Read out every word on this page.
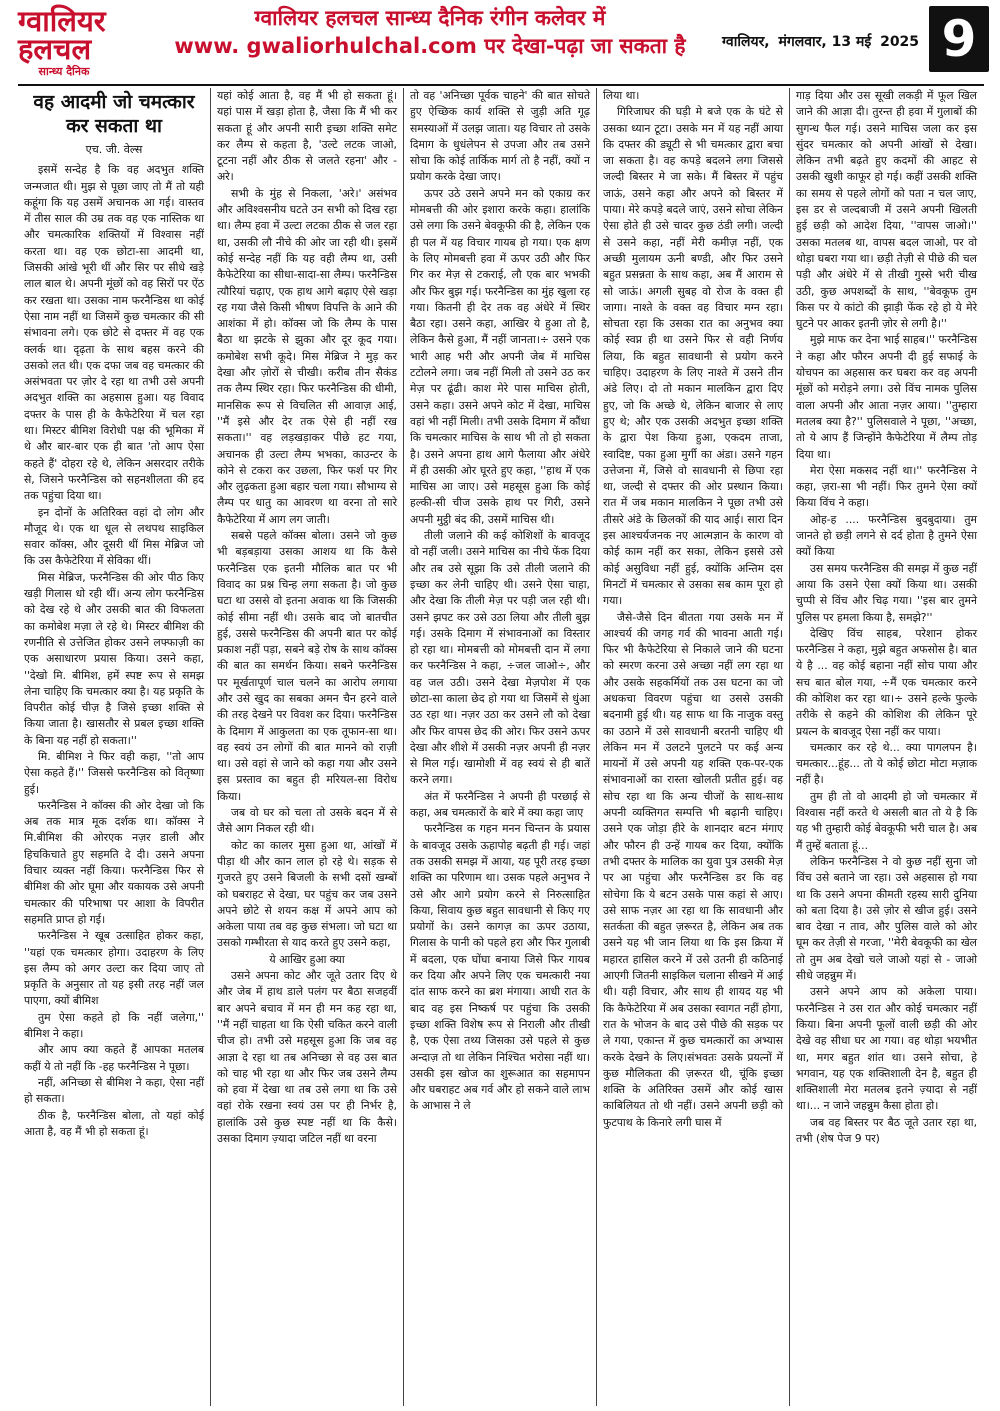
ग्वालियर
हलचल
सान्ध्य दैनिक
ग्वालियर हलचल सान्ध्य दैनिक रंगीन कलेवर में
www. gwaliorhulchal.com पर देखा-पढ़ा जा सकता है	ग्वालियर, मंगलवार, 13 मई 2025 9
वह आदमी जो चमत्कार कर सकता था
एच. जी. वेल्स

इसमें सन्देह है कि वह अदभुत शक्ति जन्मजात थी। मुझ से पूछा जाए तो मैं तो यही कहूंगा कि यह उसमें अचानक आ गई। वास्तव में तीस साल की उम्र तक वह एक नास्तिक था और चमत्कारिक शक्तियों में विश्वास नहीं करता था। वह एक छोटा-सा आदमी था, जिसकी आंखे भूरी थीं और सिर पर सीधे खड़े लाल बाल थे। अपनी मूंछों को वह सिरों पर ऐंठ कर रखता था। उसका नाम फरनैन्डिस था कोई ऐसा नाम नहीं था जिसमें कुछ चमत्कार की सी संभावना लगे। एक छोटे से दफ्तर में वह एक क्लर्क था। दृढ़ता के साथ बहस करने की उसको लत थी। एक दफा जब वह चमत्कार की असंभवता पर ज़ोर दे रहा था तभी उसे अपनी अदभुत शक्ति का अहसास हुआ। यह विवाद दफ्तर के पास ही के कैफेटेरिया में चल रहा था। मिस्टर बीमिश विरोधी पक्ष की भूमिका में थे और बार-बार एक ही बात 'तो आप ऐसा कहते हैं' दोहरा रहे थे, लेकिन असरदार तरीके से, जिसने फरनैन्डिस को सहनशीलता की हद तक पहुंचा दिया था।

इन दोनों के अतिरिक्त वहां दो लोग और मौजूद थे। एक था धूल से लथपथ साइकिल सवार कॉक्स, और दूसरी थीं मिस मेब्रिज जो कि उस कैफेटेरिया में सेविका थीं।

मिस मेब्रिज, फरनैन्डिस की ओर पीठ किए खड़ी गिलास धो रही थीं। अन्य लोग फरनैन्डिस को देख रहे थे और उसकी बात की विफलता का कमोबेश मज़ा ले रहे थे। मिस्टर बीमिश की रणनीति से उत्तेजित होकर उसने लफ्फाज़ी का एक असाधारण प्रयास किया। उसने कहा, ''देखो मि. बीमिश, हमें स्पष्ट रूप से समझ लेना चाहिए कि चमत्कार क्या है। यह प्रकृति के विपरीत कोई चीज़ है जिसे इच्छा शक्ति से किया जाता है। खासतौर से प्रबल इच्छा शक्ति के बिना यह नहीं हो सकता।''

मि. बीमिश ने फिर वही कहा, ''तो आप ऐसा कहते हैं।'' जिससे फरनैन्डिस को वितृष्णा हुई।

फरनैन्डिस ने कॉक्स की ओर देखा जो कि अब तक मात्र मूक दर्शक था। कॉक्स ने मि.बीमिश की ओरएक नज़र डाली और हिचकिचाते हुए सहमति दे दी। उसने अपना विचार व्यक्त नहीं किया। फरनैन्डिस फिर से बीमिश की ओर घूमा और यकायक उसे अपनी चमत्कार की परिभाषा पर आशा के विपरीत सहमति प्राप्त हो गई।

फरनैन्डिस ने खूब उत्साहित होकर कहा, ''यहां एक चमत्कार होगा। उदाहरण के लिए इस लैम्प को अगर उल्टा कर दिया जाए तो प्रकृति के अनुसार तो यह इसी तरह नहीं जल पाएगा, क्यों बीमिश

तुम ऐसा कहते हो कि नहीं जलेगा,'' बीमिश ने कहा।

और आप क्या कहते हैं आपका मतलब कहीं ये तो नहीं कि -हह फरनैन्डिस ने पूछा।

नहीं, अनिच्छा से बीमिश ने कहा, ऐसा नहीं हो सकता।

ठीक है, फरनैन्डिस बोला, तो यहां कोई आता है, वह मैं भी हो सकता हूं।

यहां कोई आता है, वह मैं भी हो सकता हूं। यहां पास में खड़ा होता है, जैसा कि मैं भी कर सकता हूं और अपनी सारी इच्छा शक्ति समेट कर लैम्प से कहता है, 'उल्टे लटक जाओ, टूटना नहीं और ठीक से जलते रहना' और - अरे।

सभी के मुंह से निकला, 'अरे।' असंभव और अविश्वसनीय घटते उन सभी को दिख रहा था। लैम्प हवा में उल्टा लटका ठीक से जल रहा था, उसकी लौ नीचे की ओर जा रही थी। इसमें कोई सन्देह नहीं कि यह वही लैम्प था, उसी कैफेटेरिया का सीधा-सादा-सा लैम्प। फरनैन्डिस त्यौरियां चढ़ाए, एक हाथ आगे बढ़ाए ऐसे खड़ा रह गया जैसे किसी भीषण विपत्ति के आने की आशंका में हो। कॉक्स जो कि लैम्प के पास बैठा था झटके से झुका और दूर कूद गया। कमोबेश सभी कूदे। मिस मेब्रिज ने मुड़ कर देखा और ज़ोरों से चीखी। करीब तीन सैकंड तक लैम्प स्थिर रहा। फिर फरनैन्डिस की धीमी, मानसिक रूप से विचलित सी आवाज़ आई, ''मैं इसे और देर तक ऐसे ही नहीं रख सकता।'' वह लड़खड़ाकर पीछे हट गया, अचानक ही उल्टा लैम्प भभका, काउन्टर के कोने से टकरा कर उछला, फिर फर्श पर गिर और लुढ़कता हुआ बहार चला गया। सौभाग्य से लैम्प पर धातु का आवरण था वरना तो सारे कैफेटेरिया में आग लग जाती।

सबसे पहले कॉक्स बोला। उसने जो कुछ भी बड़बड़ाया उसका आशय था कि कैसे फरनैन्डिस एक इतनी मौलिक बात पर भी विवाद का प्रश्न चिन्ह लगा सकता है। जो कुछ घटा था उससे वो इतना अवाक था कि जिसकी कोई सीमा नहीं थी। उसके बाद जो बातचीत हुई, उससे फरनैन्डिस की अपनी बात पर कोई प्रकाश नहीं पड़ा, सबने बड़े रोष के साथ कॉक्स की बात का समर्थन किया। सबने फरनैन्डिस पर मूर्खतापूर्ण चाल चलने का आरोप लगाया और उसे खुद का सबका अमन चैन हरने वाले की तरह देखने पर विवश कर दिया। फरनैन्डिस के दिमाग में आकुलता का एक तूफान-सा था। वह स्वयं उन लोगों की बात मानने को राज़ी था। उसे वहां से जाने को कहा गया और उसने इस प्रस्ताव का बहुत ही मरियल-सा विरोध किया।

जब वो घर को चला तो उसके बदन में से जैसे आग निकल रही थी।

कोट का कालर मुसा हुआ था, आंखों में पीड़ा थी और कान लाल हो रहे थे। सड़क से गुजरते हुए उसने बिजली के सभी दसों खम्बों को घबराहट से देखा, घर पहुंच कर जब उसने अपने छोटे से शयन कक्ष में अपने आप को अकेला पाया तब वह कुछ संभला। जो घटा था उसको गम्भीरता से याद करते हुए उसने कहा,

ये आखिर हुआ क्या

उसने अपना कोट और जूते उतार दिए थे और जेब में हाथ डाले पलंग पर बैठा सजहवीं बार अपने बचाव में मन ही मन कह रहा था, ''मैं नहीं चाहता था कि ऐसी चकित करने वाली चीज हो। तभी उसे महसूस हुआ कि जब वह आज्ञा दे रहा था तब अनिच्छा से वह उस बात को चाह भी रहा था और फिर जब उसने लैम्प को हवा में देखा था तब उसे लगा था कि उसे वहां रोके रखना स्वयं उस पर ही निर्भर है, हालांकि उसे कुछ स्पष्ट नहीं था कि कैसे। उसका दिमाग ज़्यादा जटिल नहीं था वरना

तो वह 'अनिच्छा पूर्वक चाहने' की बात सोचते हुए ऐच्छिक कार्य शक्ति से जुड़ी अति गूढ़ समस्याओं में उलझ जाता। यह विचार तो उसके दिमाग के धुधंलेपन से उपजा और तब उसने सोचा कि कोई तार्किक मार्ग तो है नहीं, क्यों न प्रयोग करके देखा जाए।

ऊपर उठे उसने अपने मन को एकाग्र कर मोमबत्ती की ओर इशारा करके कहा। हालांकि उसे लगा कि उसने बेवकूफी की है, लेकिन एक ही पल में यह विचार गायब हो गया। एक क्षण के लिए मोमबत्ती हवा में ऊपर उठी और फिर गिर कर मेज़ से टकराई, लौ एक बार भभकी और फिर बुझ गई। फरनैन्डिस का मुंह खुला रह गया। कितनी ही देर तक वह अंधेरे में स्थिर बैठा रहा। उसने कहा, आखिर ये हुआ तो है, लेकिन कैसे हुआ, मैं नहीं जानता।÷ उसने एक भारी आह भरी और अपनी जेब में माचिस टटोलने लगा। जब नहीं मिली तो उसने उठ कर मेज़ पर ढूंढी। काश मेरे पास माचिस होती, उसने कहा। उसने अपने कोट में देखा, माचिस वहां भी नहीं मिली। तभी उसके दिमाग में कौंधा कि चमत्कार माचिस के साथ भी तो हो सकता है। उसने अपना हाथ आगे फैलाया और अंधेरे में ही उसकी ओर घूरते हुए कहा, ''हाथ में एक माचिस आ जाए। उसे महसूस हुआ कि कोई हल्की-सी चीज उसके हाथ पर गिरी, उसने अपनी मुट्ठी बंद की, उसमें माचिस थी।

तीली जलाने की कई कोशिशों के बावजूद वो नहीं जली। उसने माचिस का नीचे फेंक दिया और तब उसे सूझा कि उसे तीली जलाने की इच्छा कर लेनी चाहिए थी। उसने ऐसा चाहा, और देखा कि तीली मेज़ पर पड़ी जल रही थी। उसने झपट कर उसे उठा लिया और तीली बुझ गई। उसके दिमाग में संभावनाओं का विस्तार हो रहा था। मोमबत्ती को मोमबत्ती दान में लगा कर फरनैन्डिस ने कहा, ÷जल जाओ÷, और वह जल उठी। उसने देखा मेज़पोश में एक छोटा-सा काला छेद हो गया था जिसमें से धुंआ उठ रहा था। नज़र उठा कर उसने लौ को देखा और फिर वापस छेद की ओर। फिर उसने ऊपर देखा और शीशे में उसकी नज़र अपनी ही नज़र से मिल गई। खामोशी में वह स्वयं से ही बातें करने लगा।

अंत में फरनैन्डिस ने अपनी ही परछाई से कहा, अब चमत्कारों के बारे में क्या कहा जाए

फरनैन्डिस क गहन मनन चिन्तन के प्रयास के बावजूद उसके ऊहापोह बढ़ती ही गई। जहां तक उसकी समझ में आया, यह पूरी तरह इच्छा शक्ति का परिणाम था। उसक पहले अनुभव ने उसे और आगे प्रयोग करने से निरुत्साहित किया, सिवाय कुछ बहुत सावधानी से किए गए प्रयोगों के। उसने कागज़ का ऊपर उठाया, गिलास के पानी को पहले हरा और फिर गुलाबी में बदला, एक घोंघा बनाया जिसे फिर गायब कर दिया और अपने लिए एक चमत्कारी नया दांत साफ करने का ब्रश मंगाया। आधी रात के बाद वह इस निष्कर्ष पर पहुंचा कि उसकी इच्छा शक्ति विशेष रूप से निराली और तीखी है, एक ऐसा तथ्य जिसका उसे पहले से कुछ अन्दाज़ तो था लेकिन निश्चित भरोसा नहीं था। उसकी इस खोज का शुरूआत का सहमापन और घबराहट अब गर्व और हो सकने वाले लाभ के आभास ने ले

लिया था।

गिरिजाघर की घड़ी मे बजे एक के घंटे से उसका ध्यान टूटा। उसके मन में यह नहीं आया कि दफ्तर की ड्यूटी से भी चमत्कार द्वारा बचा जा सकता है। वह कपड़े बदलने लगा जिससे जल्दी बिस्तर मे जा सके। मैं बिस्तर में पहुंच जाऊं, उसने कहा और अपने को बिस्तर में पाया। मेरे कपड़े बदले जाएं, उसने सोचा लेकिन ऐसा होते ही उसे चादर कुछ ठंडी लगी। जल्दी से उसने कहा, नहीं मेरी कमीज़ नहीं, एक अच्छी मुलायम ऊनी बण्डी, और फिर उसने बहुत प्रसन्नता के साथ कहा, अब मैं आराम से सो जाऊं। अगली सुबह वो रोज के वक्त ही जागा। नाश्ते के वक्त वह विचार मग्न रहा। सोचता रहा कि उसका रात का अनुभव क्या कोई स्वप्न ही था उसने फिर से वही निर्णय लिया, कि बहुत सावधानी से प्रयोग करने चाहिए। उदाहरण के लिए नाश्ते में उसने तीन अंडे लिए। दो तो मकान मालकिन द्वारा दिए हुए, जो कि अच्छे थे, लेकिन बाजार से लाए हुए थे; और एक उसकी अदभुत इच्छा शक्ति के द्वारा पेश किया हुआ, एकदम ताजा, स्वादिष्ट, पका हुआ मुर्गी का अंडा। उसने गहन उत्तेजना में, जिसे वो सावधानी से छिपा रहा था, जल्दी से दफ्तर की ओर प्रस्थान किया। रात में जब मकान मालकिन ने पूछा तभी उसे तीसरे अंडे के छिलकों की याद आई। सारा दिन इस आश्चर्यजनक नए आत्मज्ञान के कारण वो कोई काम नहीं कर सका, लेकिन इससे उसे कोई असुविधा नहीं हुई, क्योंकि अन्तिम दस मिनटों में चमत्कार से उसका सब काम पूरा हो गया।

जैसे-जैसे दिन बीतता गया उसके मन में आश्चर्य की जगह गर्व की भावना आती गई। फिर भी कैफेटेरिया से निकाले जाने की घटना को स्मरण करना उसे अच्छा नहीं लग रहा था और उसके सहकर्मियों तक उस घटना का जो अधकचा विवरण पहुंचा था उससे उसकी बदनामी हुई थी। यह साफ था कि नाजुक वस्तु का उठाने में उसे सावधानी बरतनी चाहिए थी लेकिन मन में उलटने पुलटने पर कई अन्य मायनों में उसे अपनी यह शक्ति एक-पर-एक संभावनाओं का रास्ता खोलती प्रतीत हुई। वह सोच रहा था कि अन्य चीजों के साथ-साथ अपनी व्यक्तिगत सम्पत्ति भी बढ़ानी चाहिए। उसने एक जोड़ा हीरे के शानदार बटन मंगाए और फौरन ही उन्हें गायब कर दिया, क्योंकि तभी दफ्तर के मालिक का युवा पुत्र उसकी मेज़ पर आ पहुंचा और फरनैन्डिस डर कि वह सोचेगा कि ये बटन उसके पास कहां से आए। उसे साफ नज़र आ रहा था कि सावधानी और सतर्कता की बहुत ज़रूरत है, लेकिन अब तक उसने यह भी जान लिया था कि इस क्रिया में महारत हासिल करने में उसे उतनी ही कठिनाई आएगी जितनी साइकिल चलाना सीखने में आई थी। यही विचार, और साथ ही शायद यह भी कि कैफेटेरिया में अब उसका स्वागत नहीं होगा, रात के भोजन के बाद उसे पीछे की सड़क पर ले गया, एकान्त में कुछ चमत्कारों का अभ्यास करके देखने के लिए।संभवतः उसके प्रयत्नों में कुछ मौलिकता की ज़रूरत थी, चूंकि इच्छा शक्ति के अतिरिक्त उसमें और कोई खास काबिलियत तो थी नहीं। उसने अपनी छड़ी को फुटपाथ के किनारे लगी घास में

गाड़ दिया और उस सूखी लकड़ी में फूल खिल जाने की आज्ञा दी। तुरन्त ही हवा में गुलाबों की सुगन्ध फैल गई। उसने माचिस जला कर इस सुंदर चमत्कार को अपनी आंखों से देखा। लेकिन तभी बढ़ते हुए कदमों की आहट से उसकी खुशी काफूर हो गई। कहीं उसकी शक्ति का समय से पहले लोगों को पता न चल जाए, इस डर से जल्दबाजी में उसने अपनी खिलती हुई छड़ी को आदेश दिया, ''वापस जाओ।'' उसका मतलब था, वापस बदल जाओ, पर वो थोड़ा घबरा गया था। छड़ी तेज़ी से पीछे की चल पड़ी और अंधेरे में से तीखी गुस्से भरी चीख उठी, कुछ अपशब्दों के साथ, ''बेवकूफ तुम किस पर ये कांटो की झाड़ी फेंक रहे हो ये मेरे घुटने पर आकर इतनी ज़ोर से लगी है।''

मुझे माफ कर देना भाई साहब।'' फरनैन्डिस ने कहा और फौरन अपनी दी हुई सफाई के योचपन का अहसास कर घबरा कर वह अपनी मूंछों को मरोड़ने लगा। उसे विंच नामक पुलिस वाला अपनी और आता नज़र आया। ''तुम्हारा मतलब क्या है?'' पुलिसवाले ने पूछा, ''अच्छा, तो ये आप हैं जिन्होंने कैफेटेरिया में लैम्प तोड़ दिया था।

मेरा ऐसा मकसद नहीं था।'' फरनैन्डिस ने कहा, ज़रा-सा भी नहीं। फिर तुमने ऐसा क्यों किया विंच ने कहा।

ओह-ह .... फरनैन्डिस बुदबुदाया। तुम जानते हो छड़ी लगने से दर्द होता है तुमने ऐसा क्यों किया

उस समय फरनैन्डिस की समझ में कुछ नहीं आया कि उसने ऐसा क्यों किया था। उसकी चुप्पी से विंच और चिढ़ गया। ''इस बार तुमने पुलिस पर हमला किया है, समझे?''

देखिए विंच साहब, परेशान होकर फरनैन्डिस ने कहा, मुझे बहुत अफसोस है। बात ये है ... वह कोई बहाना नहीं सोच पाया और सच बात बोल गया, ÷मैं एक चमत्कार करने की कोशिश कर रहा था।÷ उसने हल्के फुल्के तरीके से कहने की कोशिश की लेकिन पूरे प्रयत्न के बावजूद ऐसा नहीं कर पाया।

चमत्कार कर रहे थे... क्या पागलपन है। चमत्कार...हूंह... तो ये कोई छोटा मोटा मज़ाक नहीं है।

तुम ही तो वो आदमी हो जो चमत्कार में विश्वास नहीं करते थे असली बात तो ये है कि यह भी तुम्हारी कोई बेवकूफी भरी चाल है। अब मैं तुम्हें बताता हूं...

लेकिन फरनैन्डिस ने वो कुछ नहीं सुना जो विंच उसे बताने जा रहा। उसे अहसास हो गया था कि उसने अपना कीमती रहस्य सारी दुनिया को बता दिया है। उसे ज़ोर से खीज हुई। उसने बाव देखा न ताव, और पुलिस वाले को ओर घूम कर तेज़ी से गरजा, ''मेरी बेवकूफी का खेल तो तुम अब देखो चले जाओ यहां से - जाओ सीधे जहन्नुम में।

उसने अपने आप को अकेला पाया। फरनैन्डिस ने उस रात और कोई चमत्कार नहीं किया। बिना अपनी फूलों वाली छड़ी की ओर देखे वह सीधा घर आ गया। वह थोड़ा भयभीत था, मगर बहुत शांत था। उसने सोचा, हे भगवान, यह एक शक्तिशाली देन है, बहुत ही शक्तिशाली मेरा मतलब इतने ज़्यादा से नहीं था।... न जाने जहन्नुम कैसा होता हो।

जब वह बिस्तर पर बैठ जूते उतार रहा था, तभी (शेष पेज 9 पर)
